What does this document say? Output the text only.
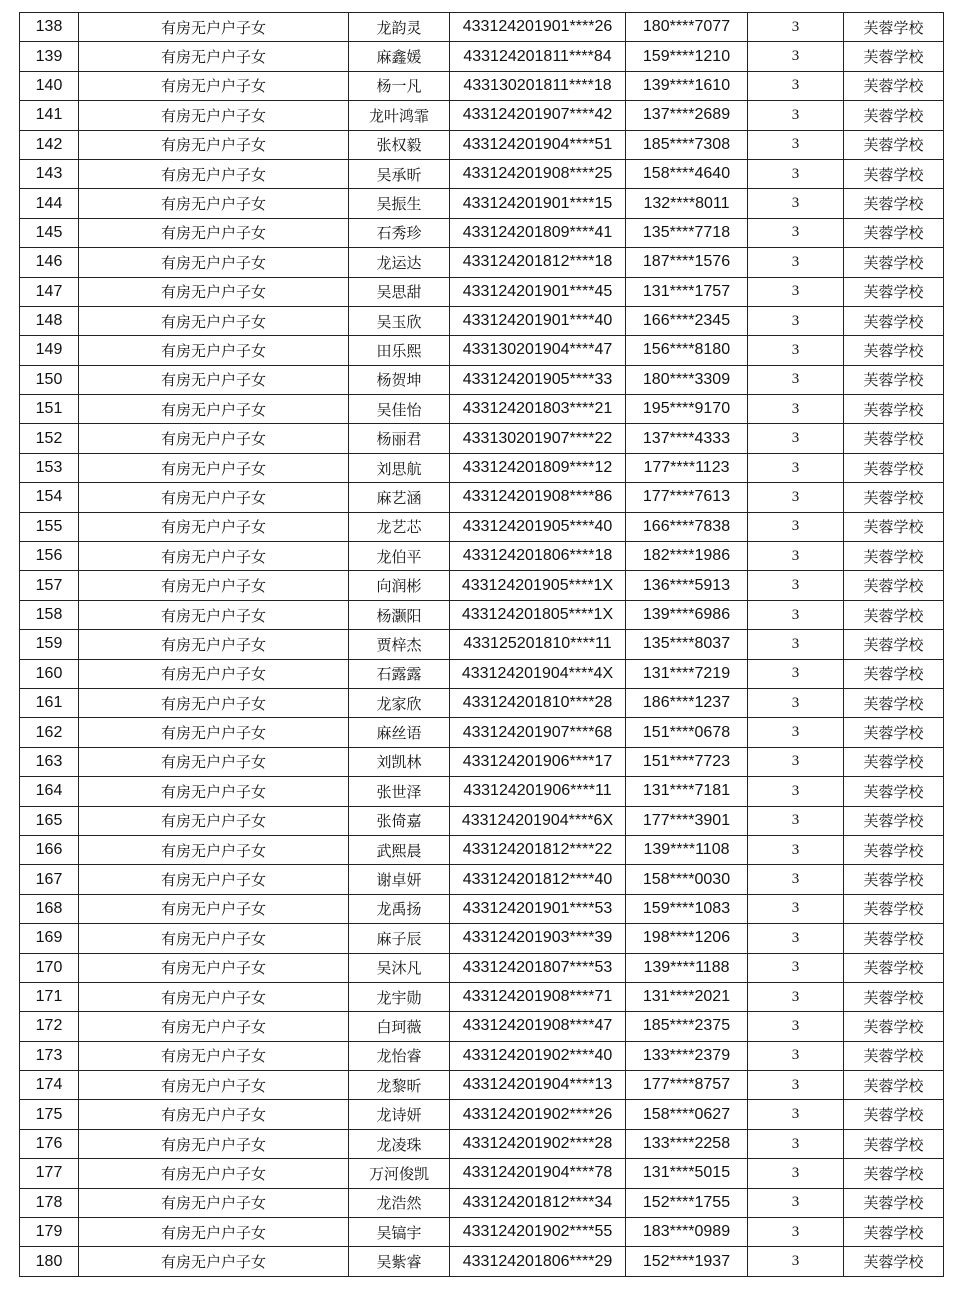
138	有房无户户子女	龙韵灵	433124201901****26	180****7077	3	芙蓉学校
139	有房无户户子女	麻鑫媛	433124201811****84	159****1210	3	芙蓉学校
140	有房无户户子女	杨一凡	433130201811****18	139****1610	3	芙蓉学校
141	有房无户户子女	龙叶鸿霏	433124201907****42	137****2689	3	芙蓉学校
142	有房无户户子女	张权毅	433124201904****51	185****7308	3	芙蓉学校
143	有房无户户子女	吴承昕	433124201908****25	158****4640	3	芙蓉学校
144	有房无户户子女	吴振生	433124201901****15	132****8011	3	芙蓉学校
145	有房无户户子女	石秀珍	433124201809****41	135****7718	3	芙蓉学校
146	有房无户户子女	龙运达	433124201812****18	187****1576	3	芙蓉学校
147	有房无户户子女	吴思甜	433124201901****45	131****1757	3	芙蓉学校
148	有房无户户子女	吴玉欣	433124201901****40	166****2345	3	芙蓉学校
149	有房无户户子女	田乐熙	433130201904****47	156****8180	3	芙蓉学校
150	有房无户户子女	杨贺坤	433124201905****33	180****3309	3	芙蓉学校
151	有房无户户子女	吴佳怡	433124201803****21	195****9170	3	芙蓉学校
152	有房无户户子女	杨丽君	433130201907****22	137****4333	3	芙蓉学校
153	有房无户户子女	刘思航	433124201809****12	177****1123	3	芙蓉学校
154	有房无户户子女	麻艺涵	433124201908****86	177****7613	3	芙蓉学校
155	有房无户户子女	龙艺芯	433124201905****40	166****7838	3	芙蓉学校
156	有房无户户子女	龙伯平	433124201806****18	182****1986	3	芙蓉学校
157	有房无户户子女	向润彬	433124201905****1X	136****5913	3	芙蓉学校
158	有房无户户子女	杨灏阳	433124201805****1X	139****6986	3	芙蓉学校
159	有房无户户子女	贾梓杰	433125201810****11	135****8037	3	芙蓉学校
160	有房无户户子女	石露露	433124201904****4X	131****7219	3	芙蓉学校
161	有房无户户子女	龙家欣	433124201810****28	186****1237	3	芙蓉学校
162	有房无户户子女	麻丝语	433124201907****68	151****0678	3	芙蓉学校
163	有房无户户子女	刘凯林	433124201906****17	151****7723	3	芙蓉学校
164	有房无户户子女	张世泽	433124201906****11	131****7181	3	芙蓉学校
165	有房无户户子女	张倚嘉	433124201904****6X	177****3901	3	芙蓉学校
166	有房无户户子女	武熙晨	433124201812****22	139****1108	3	芙蓉学校
167	有房无户户子女	谢卓妍	433124201812****40	158****0030	3	芙蓉学校
168	有房无户户子女	龙禹扬	433124201901****53	159****1083	3	芙蓉学校
169	有房无户户子女	麻子辰	433124201903****39	198****1206	3	芙蓉学校
170	有房无户户子女	吴沐凡	433124201807****53	139****1188	3	芙蓉学校
171	有房无户户子女	龙宇勋	433124201908****71	131****2021	3	芙蓉学校
172	有房无户户子女	白珂薇	433124201908****47	185****2375	3	芙蓉学校
173	有房无户户子女	龙怡睿	433124201902****40	133****2379	3	芙蓉学校
174	有房无户户子女	龙黎昕	433124201904****13	177****8757	3	芙蓉学校
175	有房无户户子女	龙诗妍	433124201902****26	158****0627	3	芙蓉学校
176	有房无户户子女	龙凌珠	433124201902****28	133****2258	3	芙蓉学校
177	有房无户户子女	万河俊凯	433124201904****78	131****5015	3	芙蓉学校
178	有房无户户子女	龙浩然	433124201812****34	152****1755	3	芙蓉学校
179	有房无户户子女	吴镐宇	433124201902****55	183****0989	3	芙蓉学校
180	有房无户户子女	吴紫睿	433124201806****29	152****1937	3	芙蓉学校
